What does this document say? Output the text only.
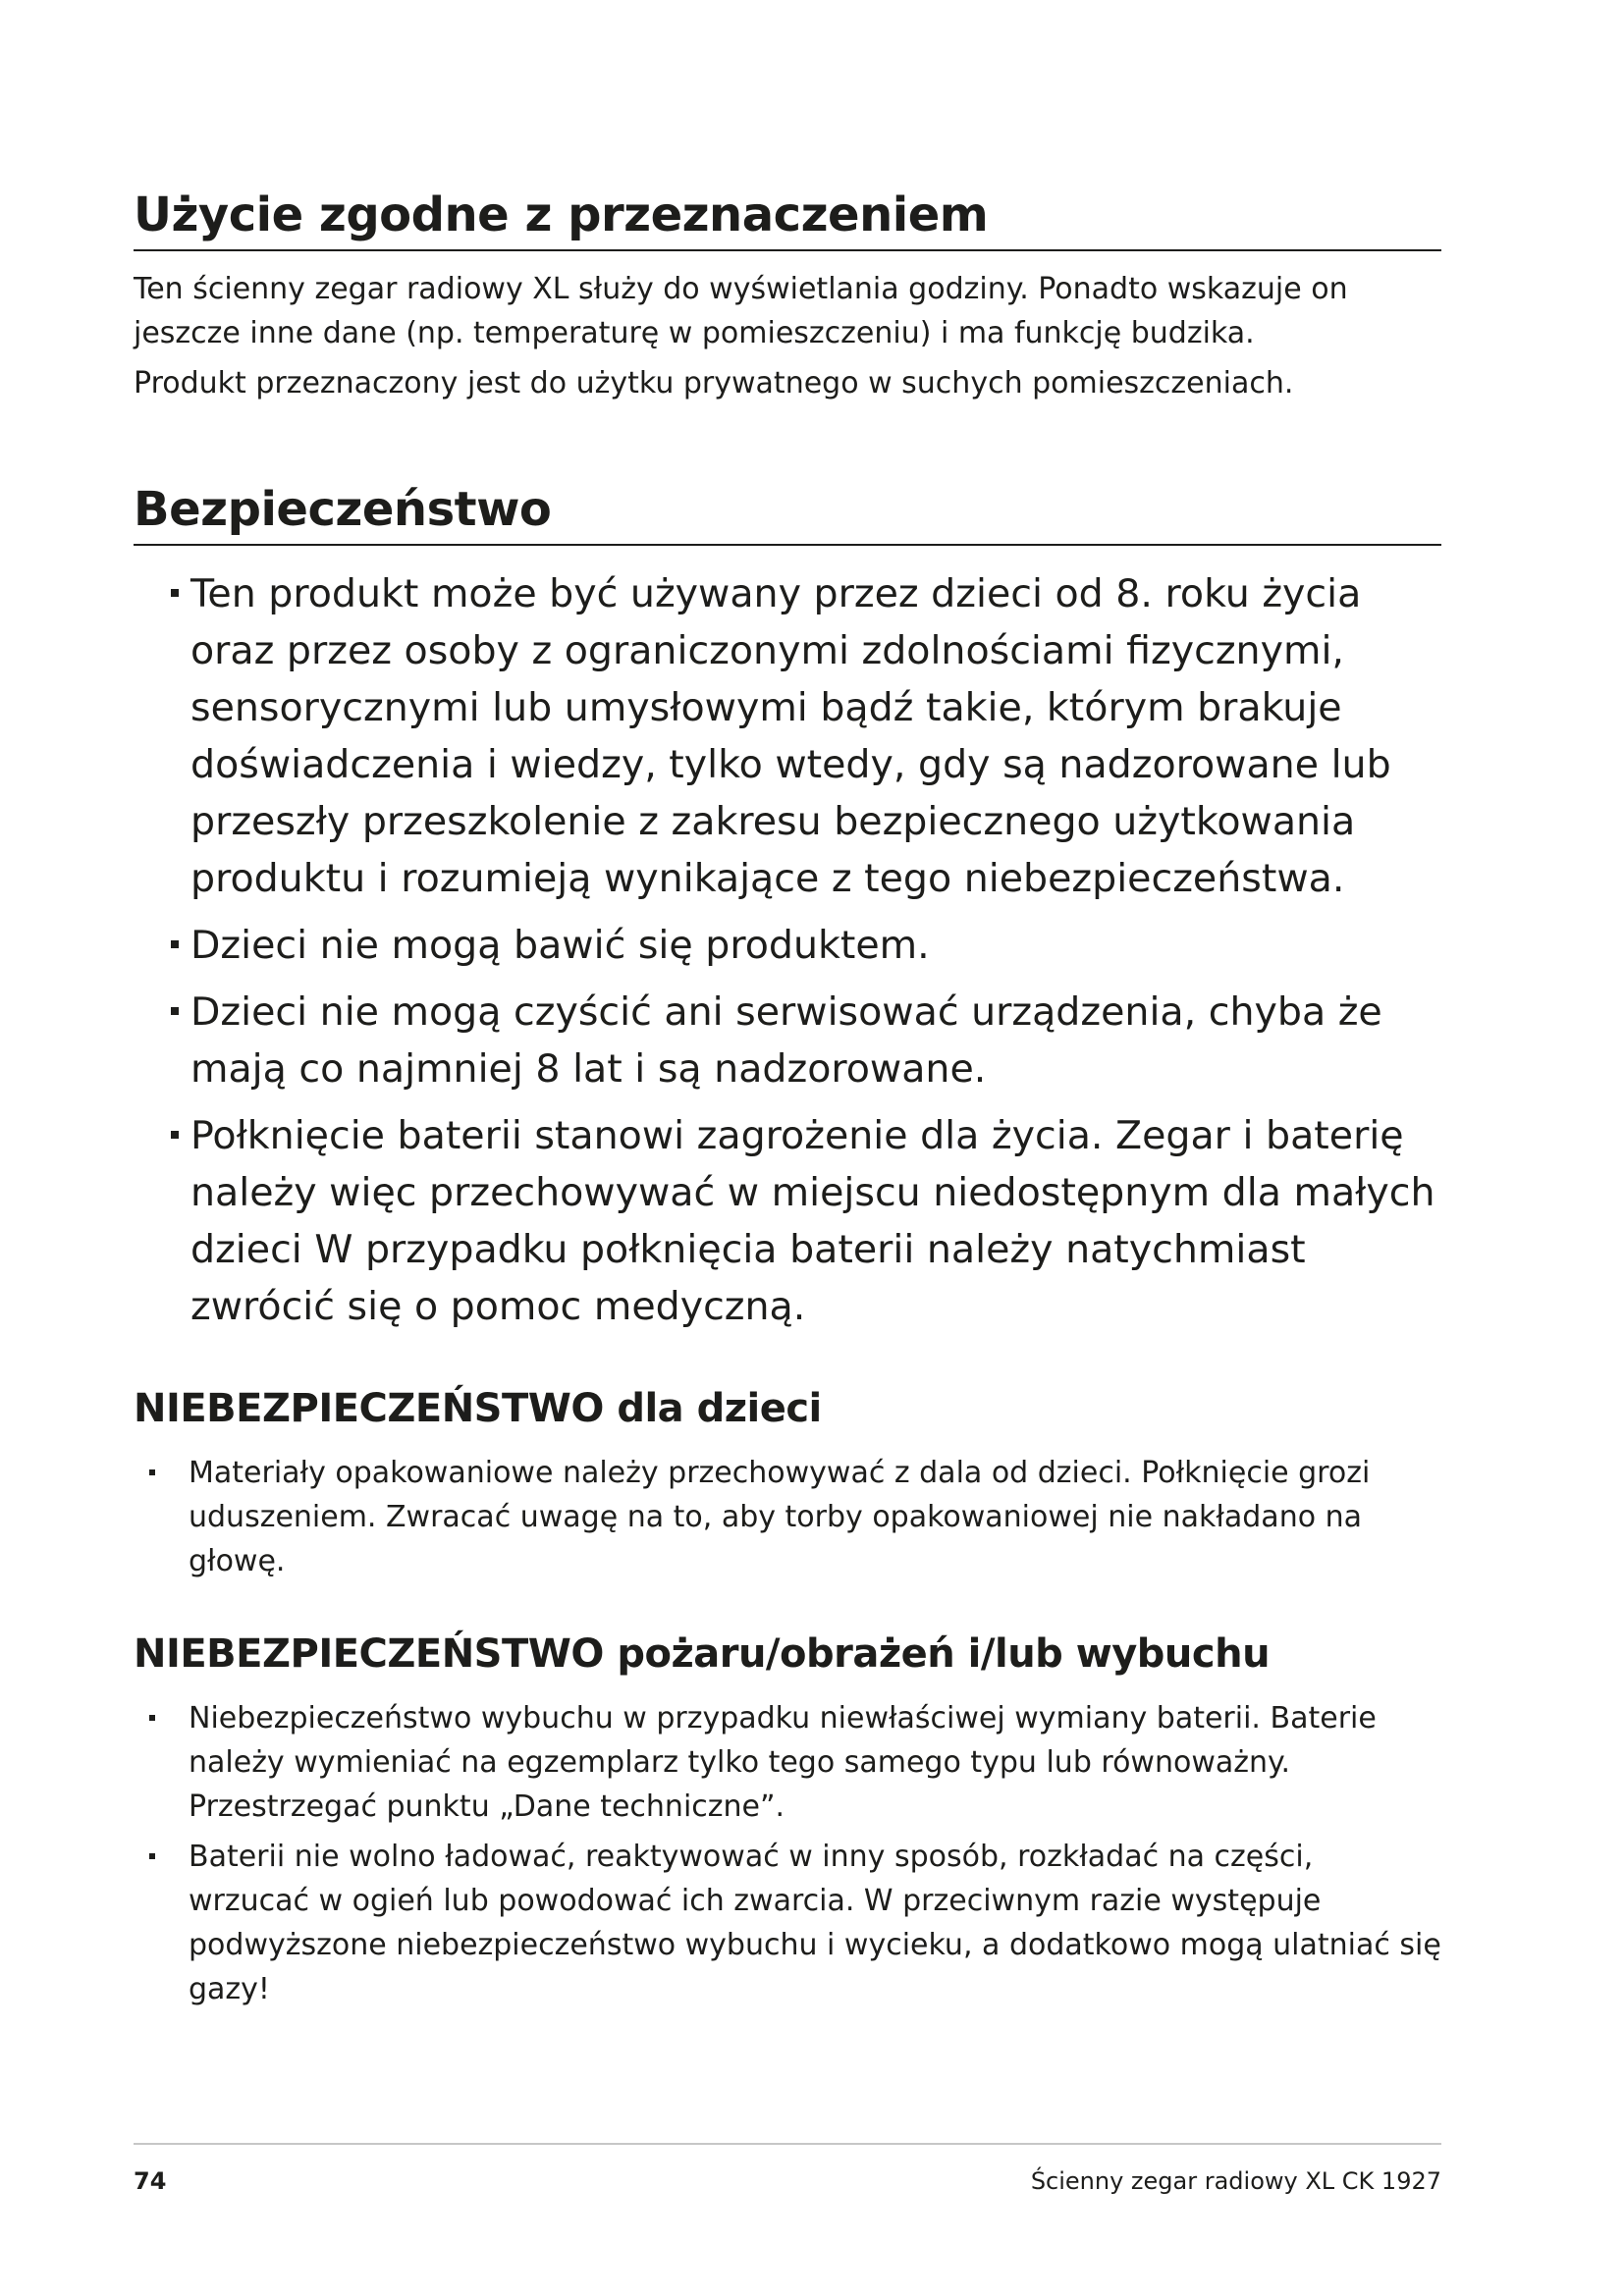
Użycie zgodne z przeznaczeniem

Ten ścienny zegar radiowy XL służy do wyświetlania godziny. Ponadto wskazuje on jeszcze inne dane (np. temperaturę w pomieszczeniu) i ma funkcję budzika.

Produkt przeznaczony jest do użytku prywatnego w suchych pomieszczeniach.

Bezpieczeństwo
Ten produkt może być używany przez dzieci od 8. roku życia oraz przez osoby z ograniczonymi zdolnościami fizycznymi, sensorycznymi lub umysłowymi bądź takie, którym brakuje doświadczenia i wiedzy, tylko wtedy, gdy są nadzorowane lub przeszły przeszkolenie z zakresu bezpiecznego użytkowania produktu i rozumieją wynikające z tego niebezpieczeństwa.
Dzieci nie mogą bawić się produktem.
Dzieci nie mogą czyścić ani serwisować urządzenia, chyba że mają co najmniej 8 lat i są nadzorowane.
Połknięcie baterii stanowi zagrożenie dla życia. Zegar i baterię należy więc przechowywać w miejscu niedostępnym dla małych dzieci W przypadku połknięcia baterii należy natychmiast zwrócić się o pomoc medyczną.
NIEBEZPIECZEŃSTWO dla dzieci
Materiały opakowaniowe należy przechowywać z dala od dzieci. Połknięcie grozi uduszeniem. Zwracać uwagę na to, aby torby opakowaniowej nie nakładano na głowę.
NIEBEZPIECZEŃSTWO pożaru/obrażeń i/lub wybuchu
Niebezpieczeństwo wybuchu w przypadku niewłaściwej wymiany baterii. Baterie należy wymieniać na egzemplarz tylko tego samego typu lub równoważny. Przestrzegać punktu „Dane techniczne”.
Baterii nie wolno ładować, reaktywować w inny sposób, rozkładać na części, wrzucać w ogień lub powodować ich zwarcia. W przeciwnym razie występuje podwyższone niebezpieczeństwo wybuchu i wycieku, a dodatkowo mogą ulatniać się gazy!
74	Ścienny zegar radiowy XL CK 1927
